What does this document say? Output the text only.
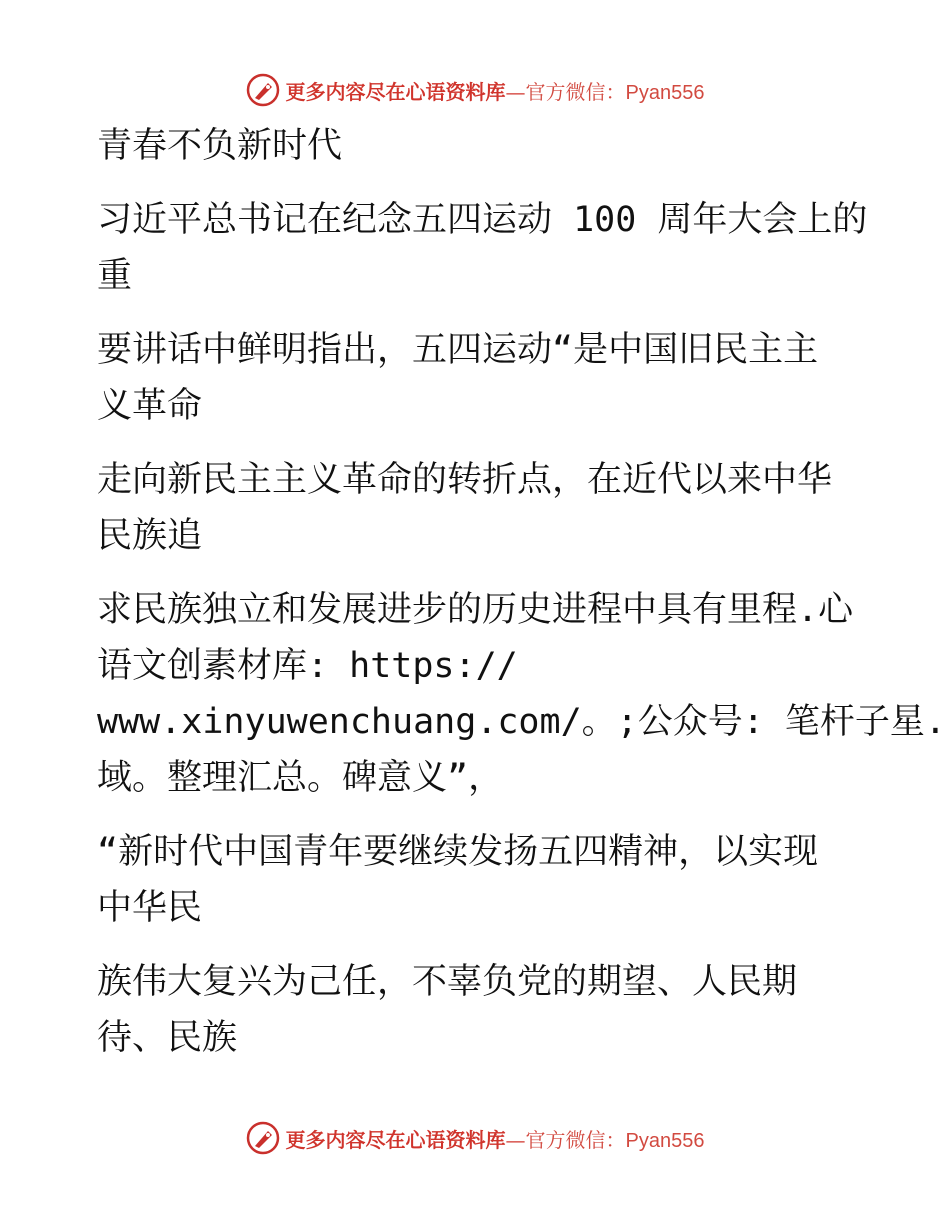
更多内容尽在心语资料库—官方微信：Pyan556
青春不负新时代
习近平总书记在纪念五四运动 100 周年大会上的
重
要讲话中鲜明指出，五四运动“是中国旧民主主
义革命
走向新民主主义革命的转折点，在近代以来中华
民族追
求民族独立和发展进步的历史进程中具有里程.心
语文创素材库: https://
www.xinyuwenchuang.com/。;公众号: 笔杆子星.
域。整理汇总。碑意义”，
“新时代中国青年要继续发扬五四精神，以实现
中华民
族伟大复兴为己任，不辜负党的期望、人民期
待、民族
更多内容尽在心语资料库—官方微信：Pyan556
